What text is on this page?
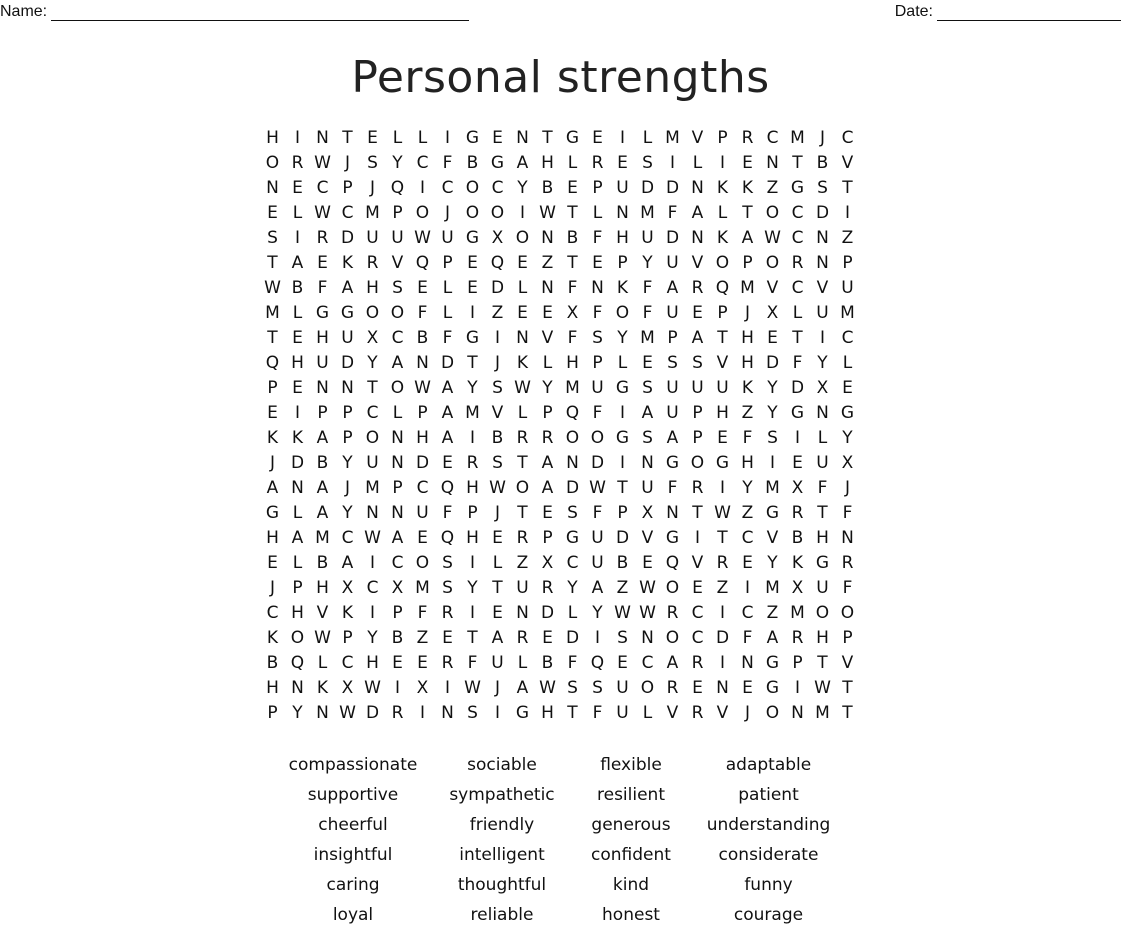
Name:	Date:
Personal strengths
H I N T E L L	I G E N T G E	I	L M V P R C M J C
O R W J	S Y C F B G A H L R E S	I	L	I	E N T B V
N E C P	J Q I C O C Y B E P U D D N K K Z G S T
E L W C M P O J O O I W T L N M F A L T O C D I
S	I R D U U W U G X O N B F H U D N K A W C N Z
T A E K R V Q P E Q E Z T E P Y U V O P O R N P
W B F A H S E L E D L N F N K F A R Q M V C V U
M L G G O O F L	I Z E E X F O F U E P	J X L U M
T E H U X C B F G I N V F S Y M P A T H E T	I C
Q H U D Y A N D T	J K L H P L E S S V H D F Y L
P E N N T O W A Y S W Y M U G S U U U K Y D X E
E	I	P P C L P A M V L P Q F	I A U P H Z Y G N G
K K A P O N H A I B R R O O G S A P E F S	I	L Y
J D B Y U N D E R S T A N D I N G O G H I	E U X
A N A J M P C Q H W O A D W T U F R I	Y M X F	J
G L A Y N N U F P	J	T E S F P X N T W Z G R T F
H A M C W A E Q H E R P G U D V G I	T C V B H N
E L B A I C O S	I	L Z X C U B E Q V R E Y K G R
J	P H X C X M S Y T U R Y A Z W O E Z I M X U F
C H V K I	P F R I	E N D L Y W W R C I C Z M O O
K O W P Y B Z E T A R E D I	S N O C D F A R H P
B Q L C H E E R F U L B F Q E C A R I N G P T V
H N K X W I X I W J A W S S U O R E N E G I W T
P Y N W D R I N S	I G H T F U L V R V J O N M T
compassionate	sociable	flexible	adaptable
supportive	sympathetic	resilient	patient
cheerful	friendly	generous	understanding
insightful	intelligent	confident	considerate
caring	thoughtful	kind	funny
loyal	reliable	honest	courage
